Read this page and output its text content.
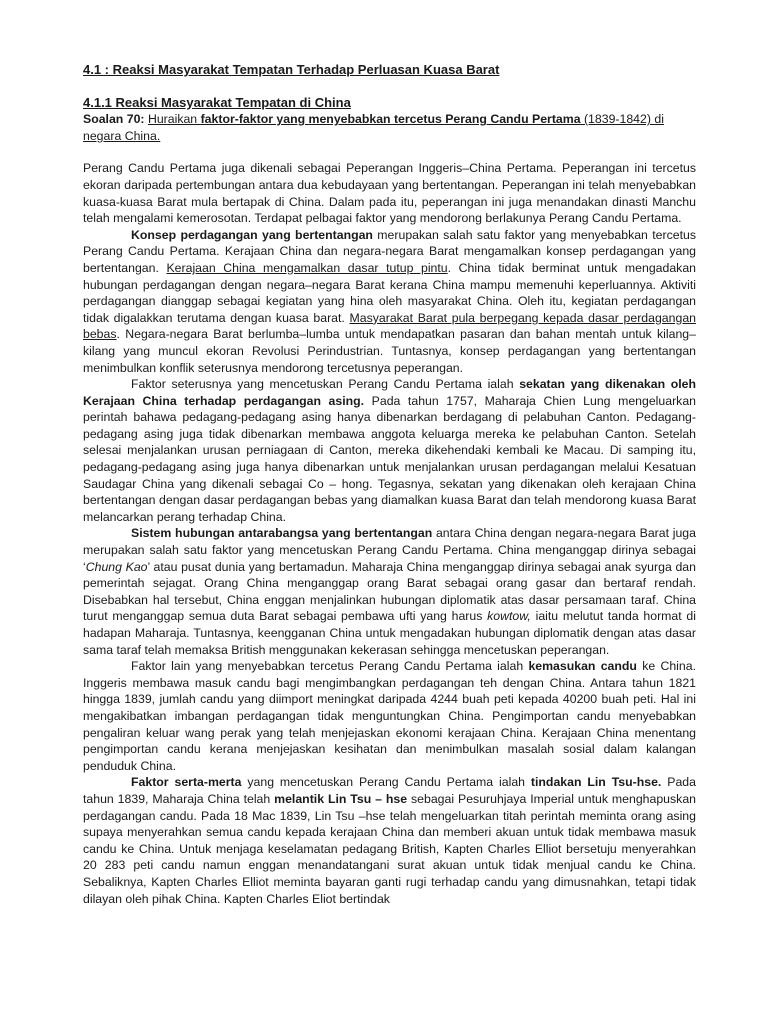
4.1 : Reaksi Masyarakat Tempatan Terhadap Perluasan Kuasa Barat
4.1.1 Reaksi Masyarakat Tempatan di China
Soalan 70: Huraikan faktor-faktor yang menyebabkan tercetus Perang Candu Pertama (1839-1842) di negara China.

Perang Candu Pertama juga dikenali sebagai Peperangan Inggeris–China Pertama. Peperangan ini tercetus ekoran daripada pertembungan antara dua kebudayaan yang bertentangan. Peperangan ini telah menyebabkan kuasa-kuasa Barat mula bertapak di China. Dalam pada itu, peperangan ini juga menandakan dinasti Manchu telah mengalami kemerosotan. Terdapat pelbagai faktor yang mendorong berlakunya Perang Candu Pertama.

Konsep perdagangan yang bertentangan merupakan salah satu faktor yang menyebabkan tercetus Perang Candu Pertama. Kerajaan China dan negara-negara Barat mengamalkan konsep perdagangan yang bertentangan. Kerajaan China mengamalkan dasar tutup pintu. China tidak berminat untuk mengadakan hubungan perdagangan dengan negara–negara Barat kerana China mampu memenuhi keperluannya. Aktiviti perdagangan dianggap sebagai kegiatan yang hina oleh masyarakat China. Oleh itu, kegiatan perdagangan tidak digalakkan terutama dengan kuasa barat. Masyarakat Barat pula berpegang kepada dasar perdagangan bebas. Negara-negara Barat berlumba–lumba untuk mendapatkan pasaran dan bahan mentah untuk kilang–kilang yang muncul ekoran Revolusi Perindustrian. Tuntasnya, konsep perdagangan yang bertentangan menimbulkan konflik seterusnya mendorong tercetusnya peperangan.

Faktor seterusnya yang mencetuskan Perang Candu Pertama ialah sekatan yang dikenakan oleh Kerajaan China terhadap perdagangan asing. Pada tahun 1757, Maharaja Chien Lung mengeluarkan perintah bahawa pedagang-pedagang asing hanya dibenarkan berdagang di pelabuhan Canton. Pedagang-pedagang asing juga tidak dibenarkan membawa anggota keluarga mereka ke pelabuhan Canton. Setelah selesai menjalankan urusan perniagaan di Canton, mereka dikehendaki kembali ke Macau. Di samping itu, pedagang-pedagang asing juga hanya dibenarkan untuk menjalankan urusan perdagangan melalui Kesatuan Saudagar China yang dikenali sebagai Co – hong. Tegasnya, sekatan yang dikenakan oleh kerajaan China bertentangan dengan dasar perdagangan bebas yang diamalkan kuasa Barat dan telah mendorong kuasa Barat melancarkan perang terhadap China.

Sistem hubungan antarabangsa yang bertentangan antara China dengan negara-negara Barat juga merupakan salah satu faktor yang mencetuskan Perang Candu Pertama. China menganggap dirinya sebagai ‘Chung Kao’ atau pusat dunia yang bertamadun. Maharaja China menganggap dirinya sebagai anak syurga dan pemerintah sejagat. Orang China menganggap orang Barat sebagai orang gasar dan bertaraf rendah. Disebabkan hal tersebut, China enggan menjalinkan hubungan diplomatik atas dasar persamaan taraf. China turut menganggap semua duta Barat sebagai pembawa ufti yang harus kowtow, iaitu melutut tanda hormat di hadapan Maharaja. Tuntasnya, keengganan China untuk mengadakan hubungan diplomatik dengan atas dasar sama taraf telah memaksa British menggunakan kekerasan sehingga mencetuskan peperangan.

Faktor lain yang menyebabkan tercetus Perang Candu Pertama ialah kemasukan candu ke China. Inggeris membawa masuk candu bagi mengimbangkan perdagangan teh dengan China. Antara tahun 1821 hingga 1839, jumlah candu yang diimport meningkat daripada 4244 buah peti kepada 40200 buah peti. Hal ini mengakibatkan imbangan perdagangan tidak menguntungkan China. Pengimportan candu menyebabkan pengaliran keluar wang perak yang telah menjejaskan ekonomi kerajaan China. Kerajaan China menentang pengimportan candu kerana menjejaskan kesihatan dan menimbulkan masalah sosial dalam kalangan penduduk China.

Faktor serta-merta yang mencetuskan Perang Candu Pertama ialah tindakan Lin Tsu-hse. Pada tahun 1839, Maharaja China telah melantik Lin Tsu – hse sebagai Pesuruhjaya Imperial untuk menghapuskan perdagangan candu. Pada 18 Mac 1839, Lin Tsu –hse telah mengeluarkan titah perintah meminta orang asing supaya menyerahkan semua candu kepada kerajaan China dan memberi akuan untuk tidak membawa masuk candu ke China. Untuk menjaga keselamatan pedagang British, Kapten Charles Elliot bersetuju menyerahkan 20 283 peti candu namun enggan menandatangani surat akuan untuk tidak menjual candu ke China. Sebaliknya, Kapten Charles Elliot meminta bayaran ganti rugi terhadap candu yang dimusnahkan, tetapi tidak dilayan oleh pihak China. Kapten Charles Eliot bertindak
